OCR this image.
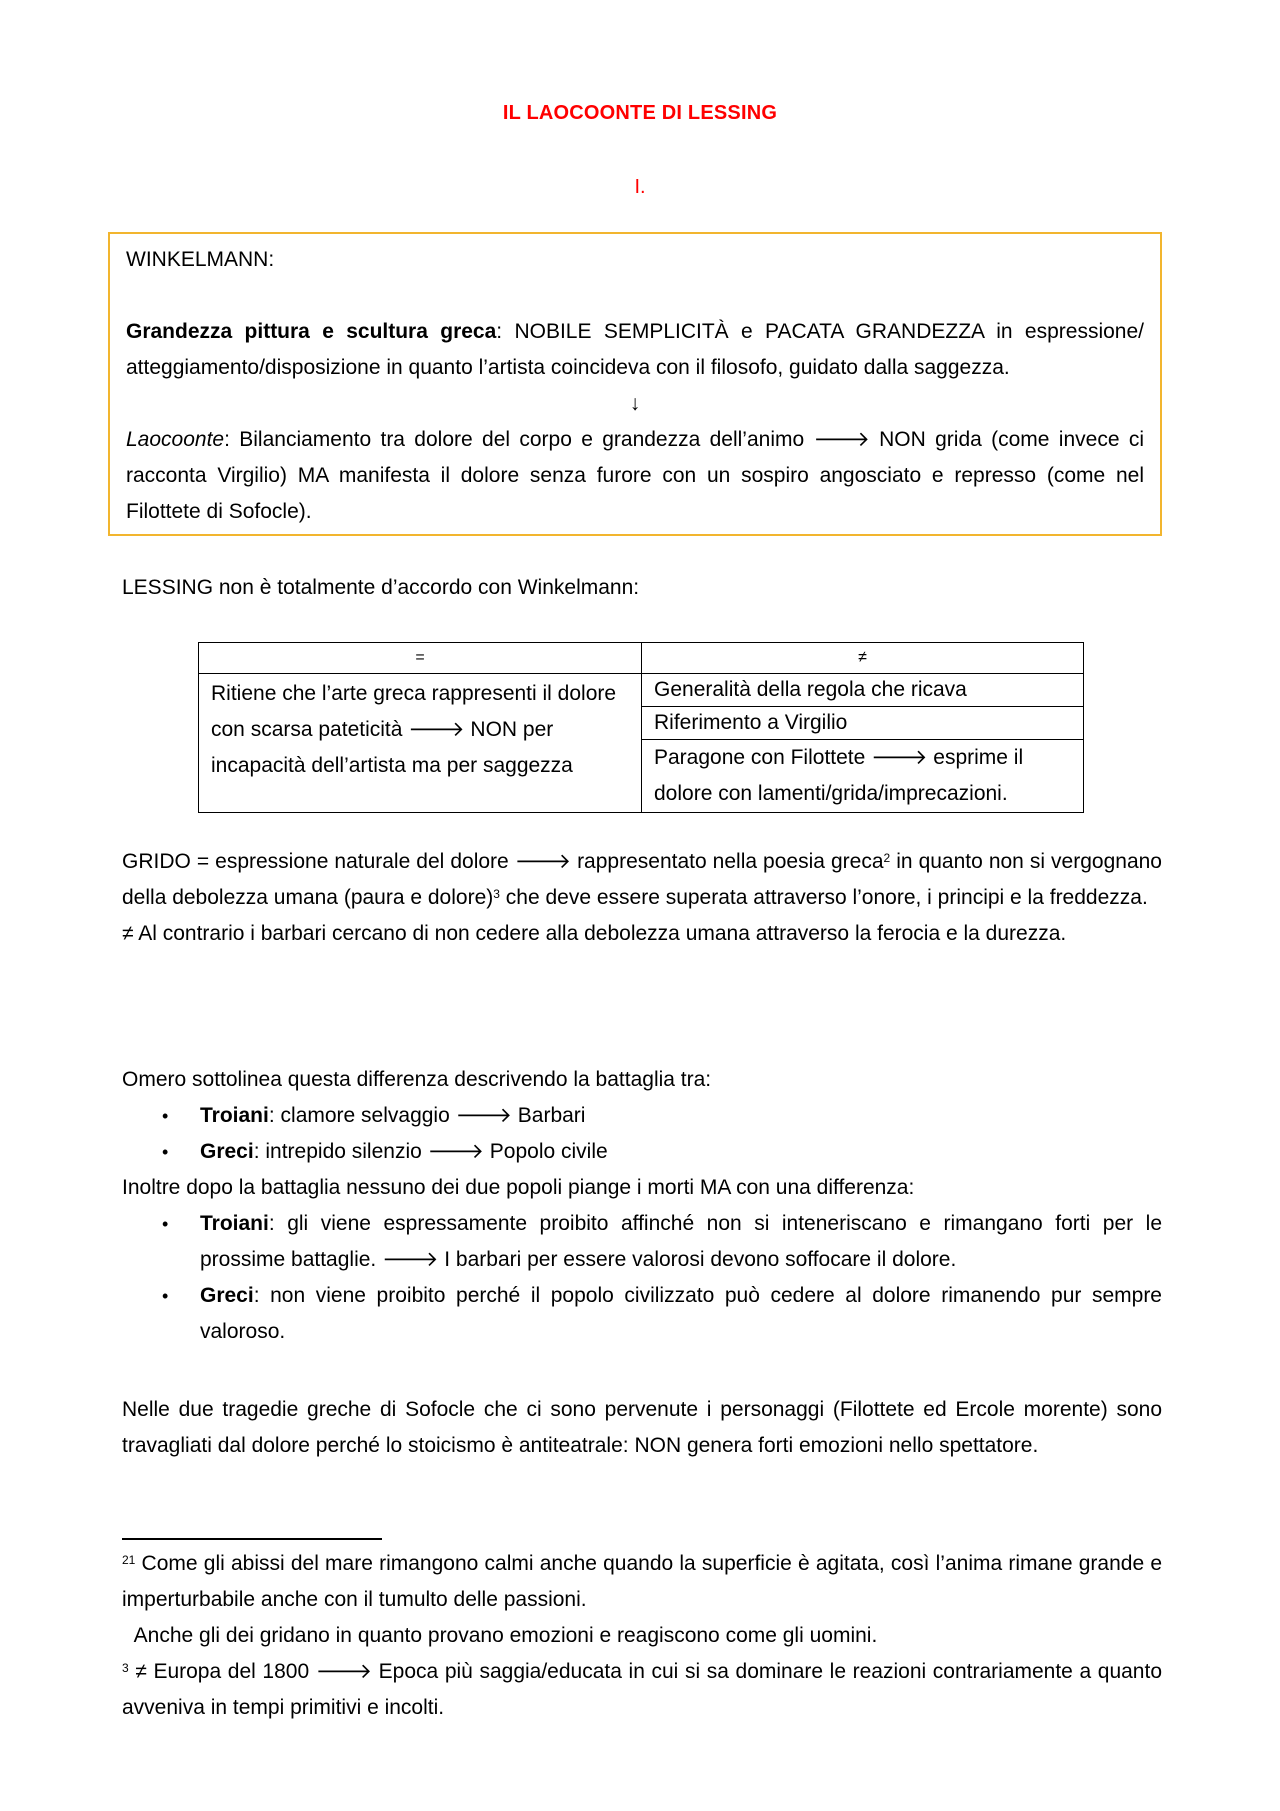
IL LAOCOONTE DI LESSING
I.

WINKELMANN:

Grandezza pittura e scultura greca: NOBILE SEMPLICITÀ e PACATA GRANDEZZA in espressione/ atteggiamento/disposizione in quanto l’artista coincideva con il filosofo, guidato dalla saggezza.

↓

Laocoonte: Bilanciamento tra dolore del corpo e grandezza dell’animo 🡒 NON grida (come invece ci racconta Virgilio) MA manifesta il dolore senza furore con un sospiro angosciato e represso (come nel Filottete di Sofocle).

LESSING non è totalmente d’accordo con Winkelmann:
=	≠
Ritiene che l’arte greca rappresenti il dolore con scarsa pateticità 🡒 NON per incapacità dell’artista ma per saggezza	Generalità della regola che ricava
	Riferimento a Virgilio
	Paragone con Filottete 🡒 esprime il dolore con lamenti/grida/imprecazioni.

GRIDO = espressione naturale del dolore 🡒 rappresentato nella poesia greca$^2$ in quanto non si vergognano della debolezza umana (paura e dolore)$^3$ che deve essere superata attraverso l’onore, i principi e la freddezza.

≠ Al contrario i barbari cercano di non cedere alla debolezza umana attraverso la ferocia e la durezza.

Omero sottolinea questa differenza descrivendo la battaglia tra:

• Troiani: clamore selvaggio 🡒 Barbari
• Greci: intrepido silenzio 🡒 Popolo civile

Inoltre dopo la battaglia nessuno dei due popoli piange i morti MA con una differenza:

• Troiani: gli viene espressamente proibito affinché non si inteneriscano e rimangano forti per le prossime battaglie. 🡒 I barbari per essere valorosi devono soffocare il dolore.
• Greci: non viene proibito perché il popolo civilizzato può cedere al dolore rimanendo pur sempre valoroso.
Nelle due tragedie greche di Sofocle che ci sono pervenute i personaggi (Filottete ed Ercole morente) sono travagliati dal dolore perché lo stoicismo è antiteatrale: NON genera forti emozioni nello spettatore.

$^{21}$ Come gli abissi del mare rimangono calmi anche quando la superficie è agitata, così l’anima rimane grande e imperturbabile anche con il tumulto delle passioni.

Anche gli dei gridano in quanto provano emozioni e reagiscono come gli uomini.

$^3$ ≠ Europa del 1800 🡒 Epoca più saggia/educata in cui si sa dominare le reazioni contrariamente a quanto avveniva in tempi primitivi e incolti.
